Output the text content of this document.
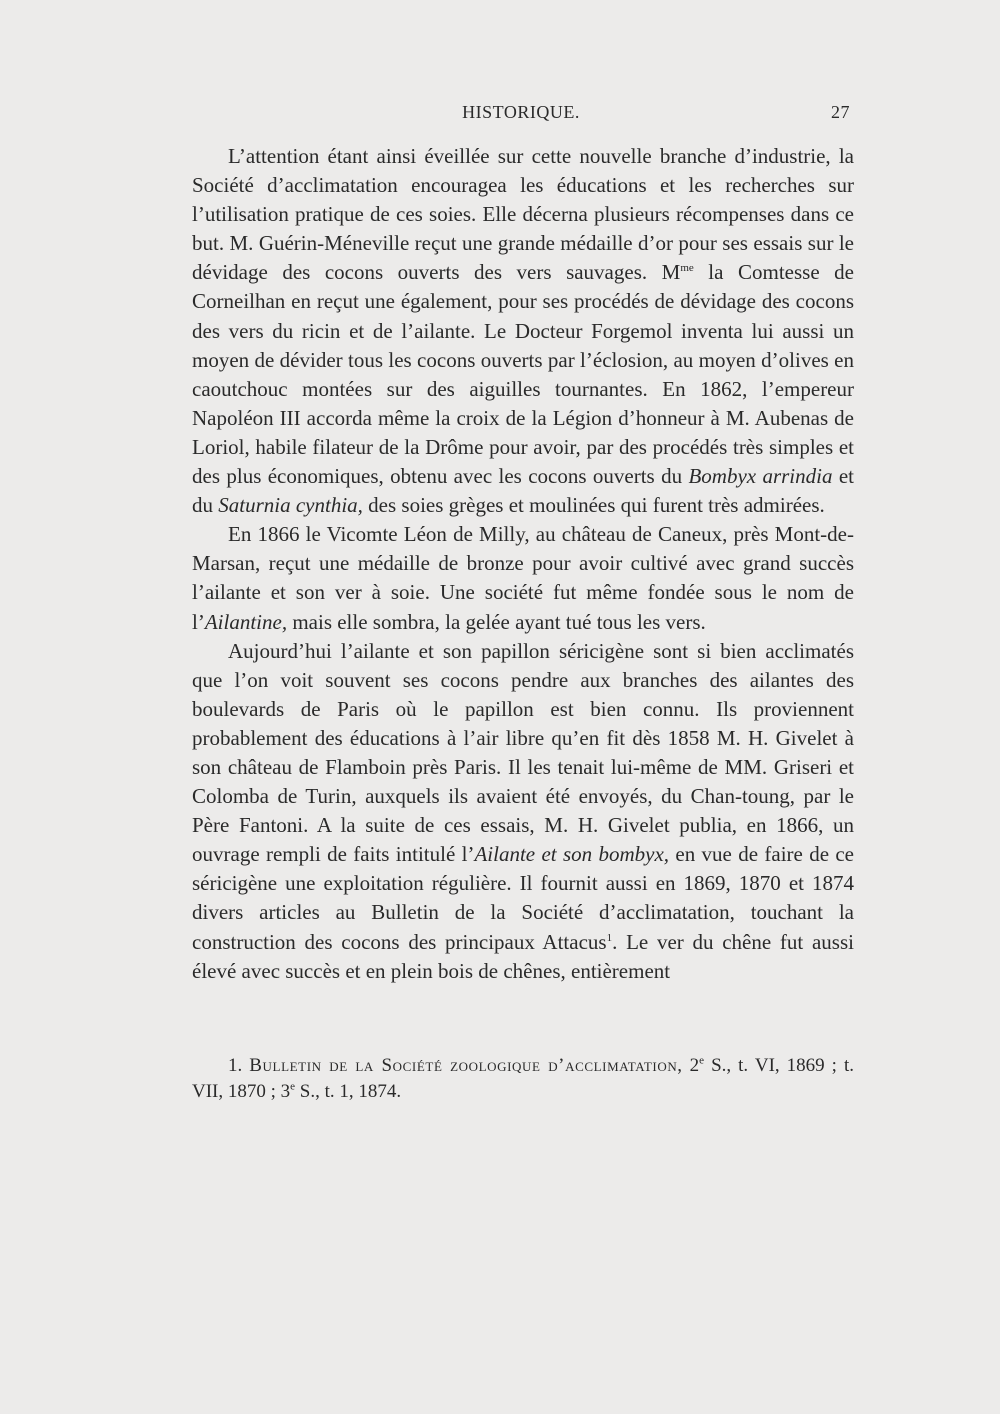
HISTORIQUE.	27

L’attention étant ainsi éveillée sur cette nouvelle branche d’industrie, la Société d’acclimatation encouragea les éducations et les recherches sur l’utilisation pratique de ces soies. Elle décerna plusieurs récompenses dans ce but. M. Guérin-Méneville reçut une grande médaille d’or pour ses essais sur le dévidage des cocons ouverts des vers sauvages. $M^{me}$ la Comtesse de Corneilhan en reçut une également, pour ses procédés de dévidage des cocons des vers du ricin et de l’ailante. Le Docteur Forgemol inventa lui aussi un moyen de dévider tous les cocons ouverts par l’éclosion, au moyen d’olives en caoutchouc montées sur des aiguilles tournantes. En 1862, l’empereur Napoléon III accorda même la croix de la Légion d’honneur à M. Aubenas de Loriol, habile filateur de la Drôme pour avoir, par des procédés très simples et des plus économiques, obtenu avec les cocons ouverts du Bombyx arrindia et du Saturnia cynthia, des soies grèges et moulinées qui furent très admirées.

En 1866 le Vicomte Léon de Milly, au château de Caneux, près Mont-de-Marsan, reçut une médaille de bronze pour avoir cultivé avec grand succès l’ailante et son ver à soie. Une société fut même fondée sous le nom de l’Ailantine, mais elle sombra, la gelée ayant tué tous les vers.

Aujourd’hui l’ailante et son papillon séricigène sont si bien acclimatés que l’on voit souvent ses cocons pendre aux branches des ailantes des boulevards de Paris où le papillon est bien connu. Ils proviennent probablement des éducations à l’air libre qu’en fit dès 1858 M. H. Givelet à son château de Flamboin près Paris. Il les tenait lui-même de MM. Griseri et Colomba de Turin, auxquels ils avaient été envoyés, du Chan-toung, par le Père Fantoni. A la suite de ces essais, M. H. Givelet publia, en 1866, un ouvrage rempli de faits intitulé l’Ailante et son bombyx, en vue de faire de ce séricigène une exploitation régulière. Il fournit aussi en 1869, 1870 et 1874 divers articles au Bulletin de la Société d’acclimatation, touchant la construction des cocons des principaux Attacus$^1$. Le ver du chêne fut aussi élevé avec succès et en plein bois de chênes, entièrement

1. Bulletin de la Société zoologique d’acclimatation, 2e S., t. VI, 1869 ; t. VII, 1870 ; 3e S., t. 1, 1874.
